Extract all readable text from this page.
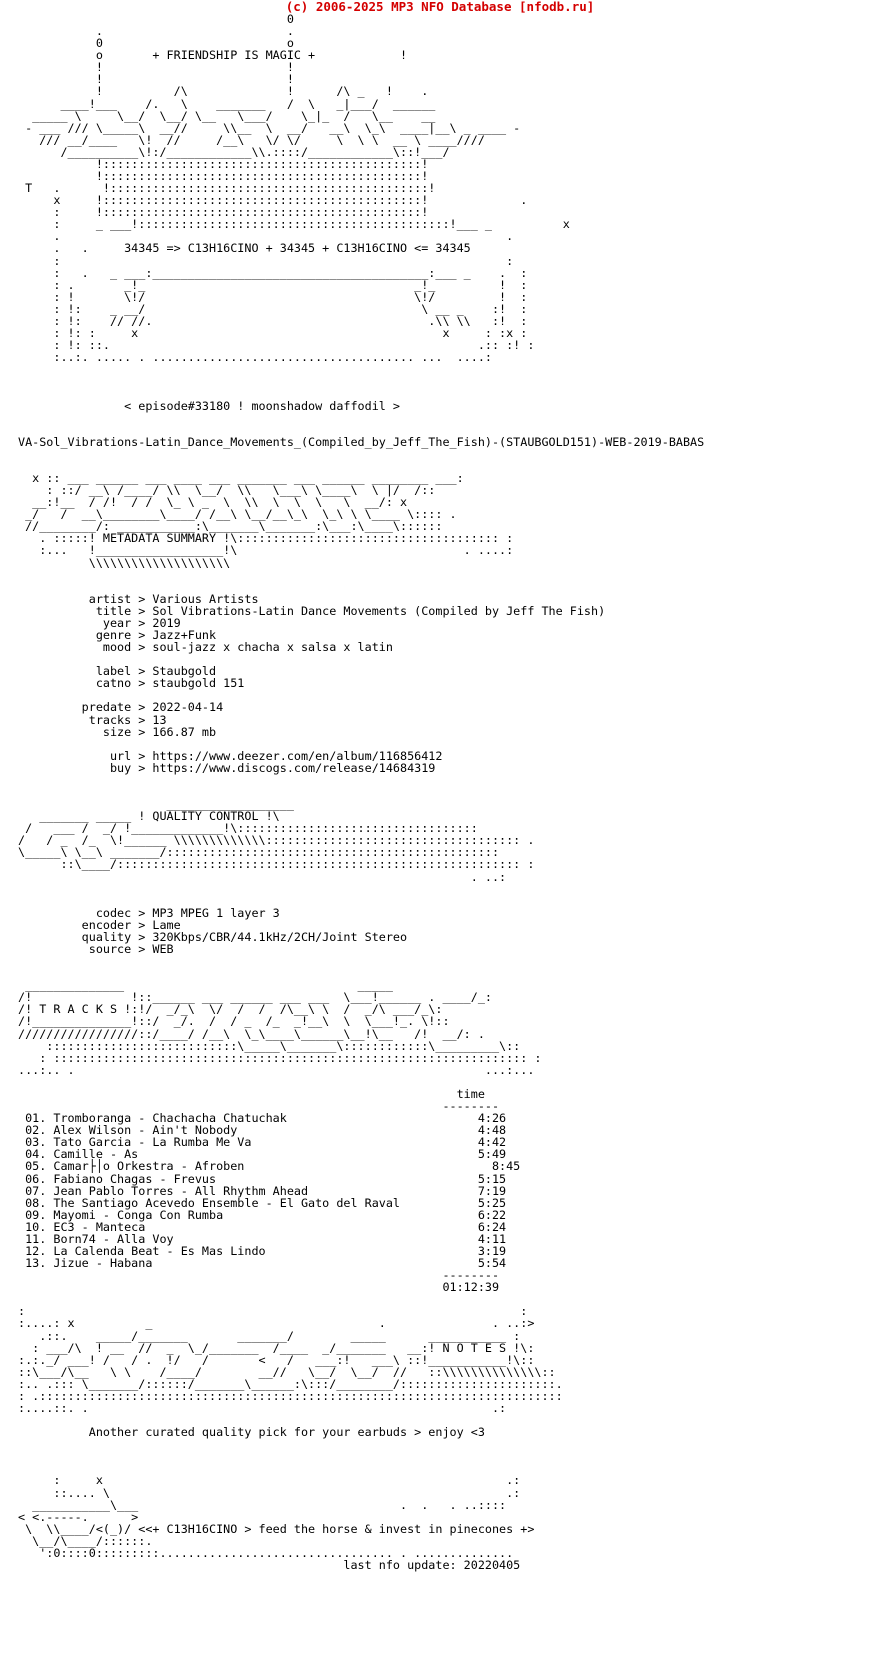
(c) 2006-2025 MP3 NFO Database [nfodb.ru]
0
.                          .
0                          o
o       + FRIENDSHIP IS MAGIC +            !
!                          !
!                          !
!          /\              !      /\ _   !    .
____!___    /.   \    _______   /  \   _|___/  ______
_____ \     \__/  \__/ \__   \___/    \_|_  /   \__    __
- ___ /// \_____\  __//     \\__  \  __/   __\  \_\  ____|__\ _ ____ -
/// __/____   \!  //     /__\   \/ \/     \  \ \  __ \ ____////
/__________\!:/____________\\.::::/____________\::!___/
!:::::::::::::::::::::::::::::::::::::::::::::!
!:::::::::::::::::::::::::::::::::::::::::::::!
T   .      !:::::::::::::::::::::::::::::::::::::::::::::!
x     !:::::::::::::::::::::::::::::::::::::::::::::!             .
:     !:::::::::::::::::::::::::::::::::::::::::::::!
:     _ ___!::::::::::::::::::::::::::::::::::::::::::::!___ _          x
.                                                               .
.   .     34345 => C13H16CINO + 34345 + C13H16CINO <= 34345
:                                                               :
:   .   _ ___:_______________________________________:___ _    .  :
: .       _!_                                      _!_         !  :
: !       \!/                                      \!/         !  :
: !:    _ __/                                       \ __ _    :!  :
: !:    // //.                                       .\\ \\   :!  :
: !: :     x                                           x     : :x :
: !: ::.                                                    .:: :! :
:..:. ..... . ..................................... ...  ....:

< episode#33180 ! moonshadow daffodil >

VA-Sol_Vibrations-Latin_Dance_Movements_(Compiled_by_Jeff_The_Fish)-(STAUBGOLD151)-WEB-2019-BABAS

x :: ___ ______ ___ ____ ___ _______ ___ ______ ________ ___:
: ::/ __\ /____/ \\  \__/  \\   \___\ \____\  \ |/  /::
__:!__  / /!  / /  \_ \ _  \  \\  \  \  \   \  __/: x
_/   /  __\________\____/ /__\ \__/__\_\  \_\ \ \____ \:::: .
//________/: ___________:\_______\_______:\___:\____\::::::
. :::::! METADATA SUMMARY !\::::::::::::::::::::::::::::::::::::: :
:...   !__________________!\                                . ....:
\\\\\\\\\\\\\\\\\\\\

artist > Various Artists
title > Sol Vibrations-Latin Dance Movements (Compiled by Jeff The Fish)
year > 2019
genre > Jazz+Funk
mood > soul-jazz x chacha x salsa x latin

label > Staubgold
catno > staubgold 151

predate > 2022-04-14
tracks > 13
size > 166.87 mb

url > https://www.deezer.com/en/album/116856412
buy > https://www.discogs.com/release/14684319

__________________
_______ _____ ! QUALITY CONTROL !\
/   ___ /  _/ !_____________!\::::::::::::::::::::::::::::::::::
/   / _  /_  \!______ \\\\\\\\\\\\\:::::::::::::::::::::::::::::::::::: .
\_____\ \__\ _______/:::::::::::::::::::::::::::::::::::::::::::::::
::\____/::::::::::::::::::::::::::::::::::::::::::::::::::::::::: :
. ..:

codec > MP3 MPEG 1 layer 3
encoder > Lame
quality > 320Kbps/CBR/44.1kHz/2CH/Joint Stereo
source > WEB

______________                                 _____
/!              !::______ ___ ______ ___ ___  \___!______ . ____/_:
/! T R A C K S !:!/  _/_\  \/  /  /  /\__\ \  /  _/\ ___/_\:
/!______________!::/  _/.  /  / _  /_  _!__\  \  \___!_. \!::
/////////////////::/____/ /__\  \_\____\______\__!\__   /!  __/: .
:::::::::::::::::::::::::::\_____\_______\::::::::::::\_________\::
: ::::::::::::::::::::::::::::::::::::::::::::::::::::::::::::::::::: :
...:.. .                                                          ...:...

time
--------
01. Tromboranga - Chachacha Chatuchak                           4:26
02. Alex Wilson - Ain't Nobody                                  4:48
03. Tato Garcia - La Rumba Me Va                                4:42
04. Camille - As                                                5:49
05. Camar├│o Orkestra - Afroben                                   8:45
06. Fabiano Chagas - Frevus                                     5:15
07. Jean Pablo Torres - All Rhythm Ahead                        7:19
08. The Santiago Acevedo Ensemble - El Gato del Raval           5:25
09. Mayomi - Conga Con Rumba                                    6:22
10. EC3 - Manteca                                               6:24
11. Born74 - Alla Voy                                           4:11
12. La Calenda Beat - Es Mas Lindo                              3:19
13. Jizue - Habana                                              5:54
--------
01:12:39

:                                                                      :
:....: x          _                                .               . ..:>
.::.    _____/_______       _______/        _____      ___________ :
: ___/\  ! __  //  _  \_/_______  /____  _/_______   __:! N O T E S !\:
:.:._/ ___! /   / .  !/   /       <   /   ___:!   ___\ ::!___________!\::
::\___/\__   \ \    /____/        __//   \__/  \__/  //   ::\\\\\\\\\\\\\\::
:.. .::: \_______/::::::/_______\______:\:::/________/::::::::::::::::::::::.
: .::::::::::::::::::::::::::::::::::::::::::::::::::::::::::::::::::::::::::
:....::. .                                                         .:

Another curated quality pick for your earbuds > enjoy <3

:     x                                                         .:
::.... \                                                        .:
___________\___                                     .  .   . ..::::
< <.-----.      >
\  \\____/<(_)/ <<+ C13H16CINO > feed the horse & invest in pinecones +>
\__/\____/::::::.
':0::::0:::::::::................................. . ..............
last nfo update: 20220405
